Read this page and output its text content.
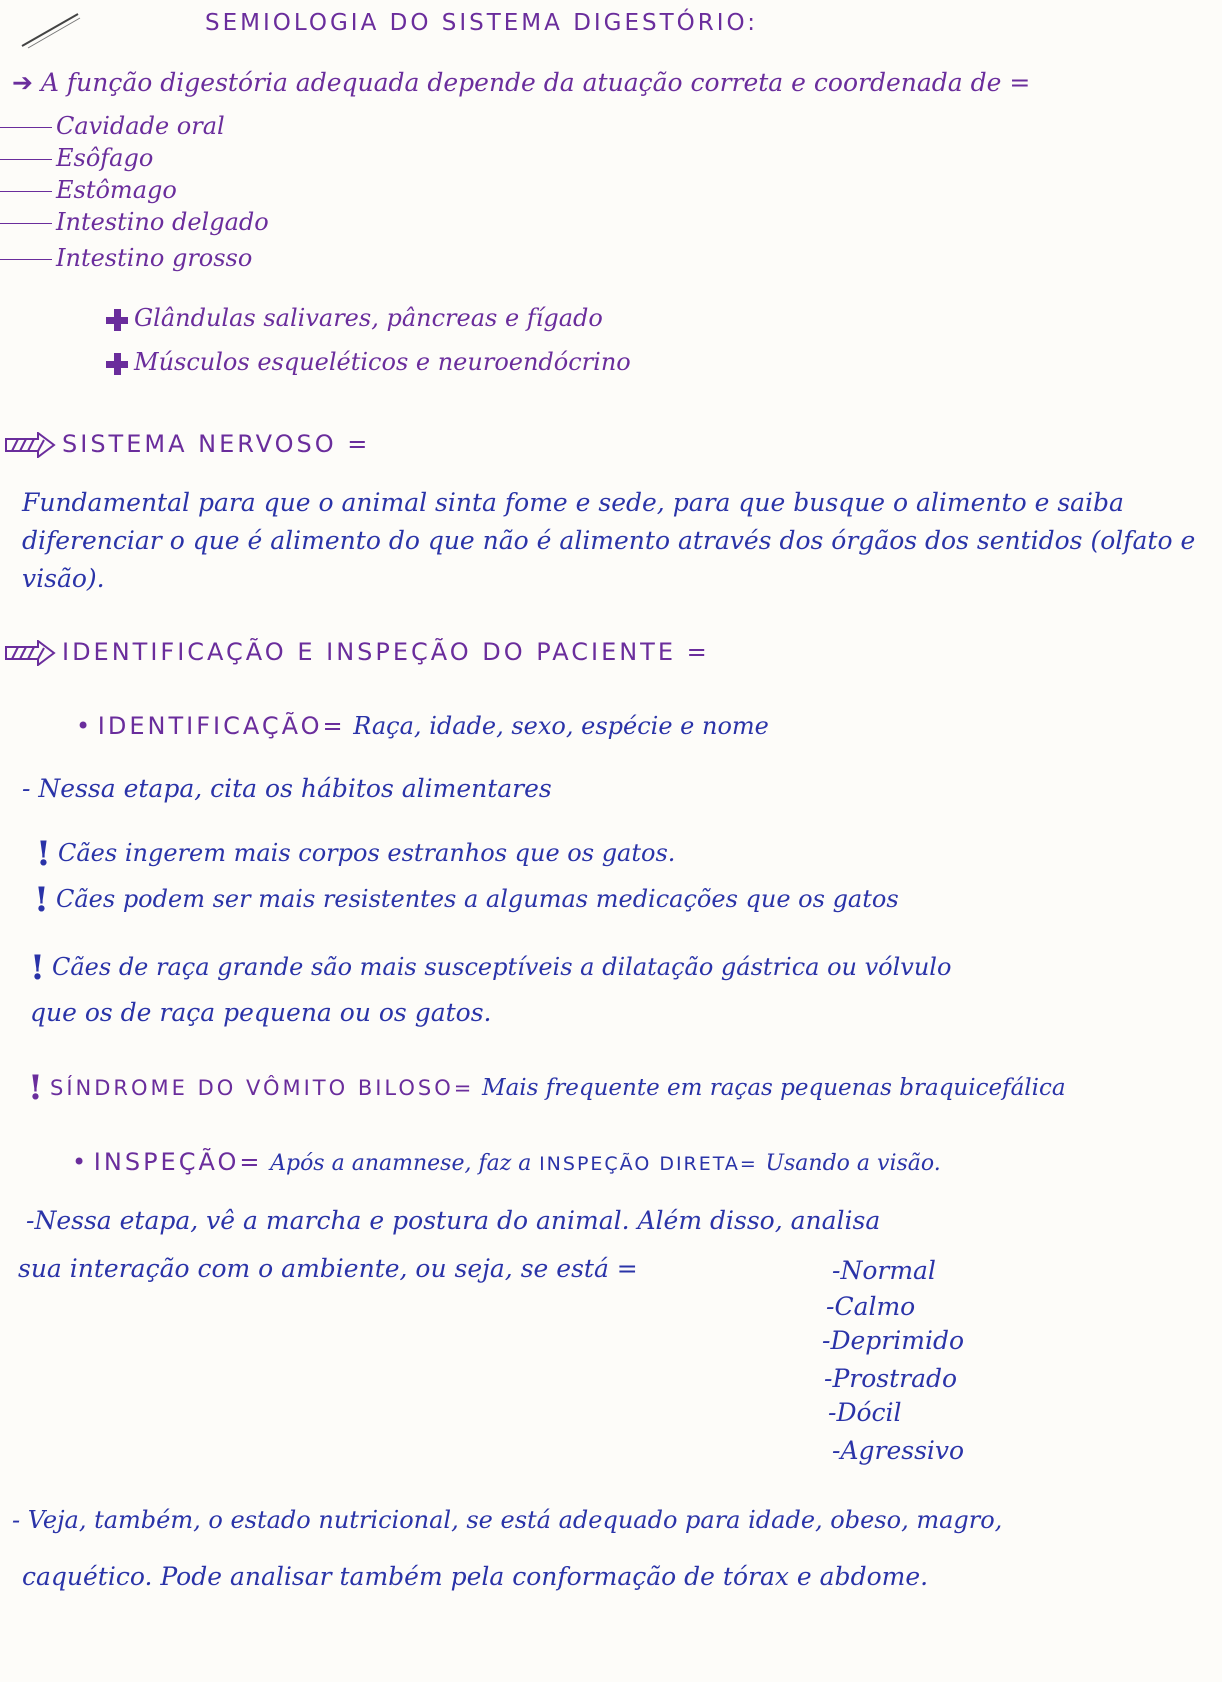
SEMIOLOGIA DO SISTEMA DIGESTÓRIO:
➔ A função digestória adequada depende da atuação correta e coordenada de =
Cavidade oral
Esôfago
Estômago
Intestino delgado
Intestino grosso
Glândulas salivares, pâncreas e fígado
Músculos esqueléticos e neuroendócrino
SISTEMA NERVOSO =
Fundamental para que o animal sinta fome e sede, para que busque o alimento e saiba diferenciar o que é alimento do que não é alimento através dos órgãos dos sentidos (olfato e visão).
IDENTIFICAÇÃO E INSPEÇÃO DO PACIENTE =
• IDENTIFICAÇÃO= Raça, idade, sexo, espécie e nome
- Nessa etapa, cita os hábitos alimentares
! Cães ingerem mais corpos estranhos que os gatos.
! Cães podem ser mais resistentes a algumas medicações que os gatos
! Cães de raça grande são mais susceptíveis a dilatação gástrica ou vólvulo
que os de raça pequena ou os gatos.
! SÍNDROME DO VÔMITO BILOSO= Mais frequente em raças pequenas braquicefálica
• INSPEÇÃO= Após a anamnese, faz a INSPEÇÃO DIRETA= Usando a visão.
-Nessa etapa, vê a marcha e postura do animal. Além disso, analisa
sua interação com o ambiente, ou seja, se está =	-Normal
-Calmo
-Deprimido
-Prostrado
-Dócil
-Agressivo
- Veja, também, o estado nutricional, se está adequado para idade, obeso, magro,
caquético. Pode analisar também pela conformação de tórax e abdome.
